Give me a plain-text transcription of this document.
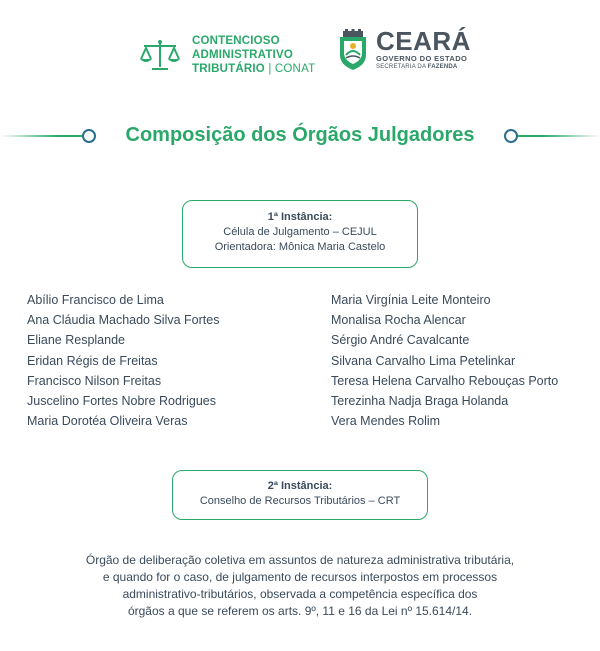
CONTENCIOSO
ADMINISTRATIVO
TRIBUTÁRIO | CONAT
CEARÁ
GOVERNO DO ESTADO
SECRETARIA DA FAZENDA
Composição dos Órgãos Julgadores
1ª Instância:
Célula de Julgamento – CEJUL
Orientadora: Mônica Maria Castelo
Abílio Francisco de Lima
Ana Cláudia Machado Silva Fortes
Eliane Resplande
Eridan Régis de Freitas
Francisco Nilson Freitas
Juscelino Fortes Nobre Rodrigues
Maria Dorotéa Oliveira Veras
Maria Virgínia Leite Monteiro
Monalisa Rocha Alencar
Sérgio André Cavalcante
Silvana Carvalho Lima Petelinkar
Teresa Helena Carvalho Rebouças Porto
Terezinha Nadja Braga Holanda
Vera Mendes Rolim
2ª Instância:
Conselho de Recursos Tributários – CRT
Órgão de deliberação coletiva em assuntos de natureza administrativa tributária,
e quando for o caso, de julgamento de recursos interpostos em processos
administrativo-tributários, observada a competência específica dos
órgãos a que se referem os arts. 9º, 11 e 16 da Lei nº 15.614/14.
